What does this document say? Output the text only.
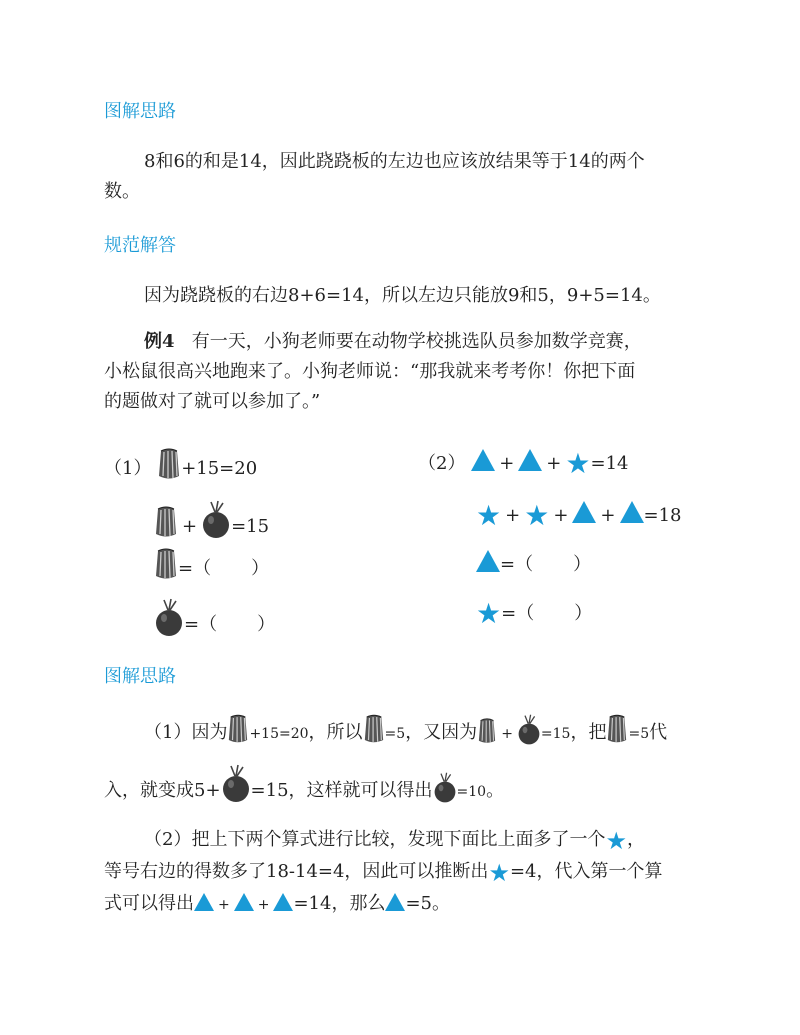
图解思路
8和6的和是14，因此跷跷板的左边也应该放结果等于14的两个
数。
规范解答
因为跷跷板的右边8+6=14，所以左边只能放9和5，9+5=14。
例4 有一天，小狗老师要在动物学校挑选队员参加数学竞赛，
小松鼠很高兴地跑来了。小狗老师说：“那我就来考考你！你把下面
的题做对了就可以参加了。”
（1） +15=20
+ =15
=（ ）
=（ ）
（2） + + ★=14
★ + ★ + + =18
=（ ）
★=（ ）
图解思路
（1）因为 +15=20，所以 =5，又因为 + =15，把 =5代
入，就变成5+ =15，这样就可以得出 =10。
（2）把上下两个算式进行比较，发现下面比上面多了一个★，
等号右边的得数多了18-14=4，因此可以推断出★=4，代入第一个算
式可以得出 + + =14，那么 =5。
